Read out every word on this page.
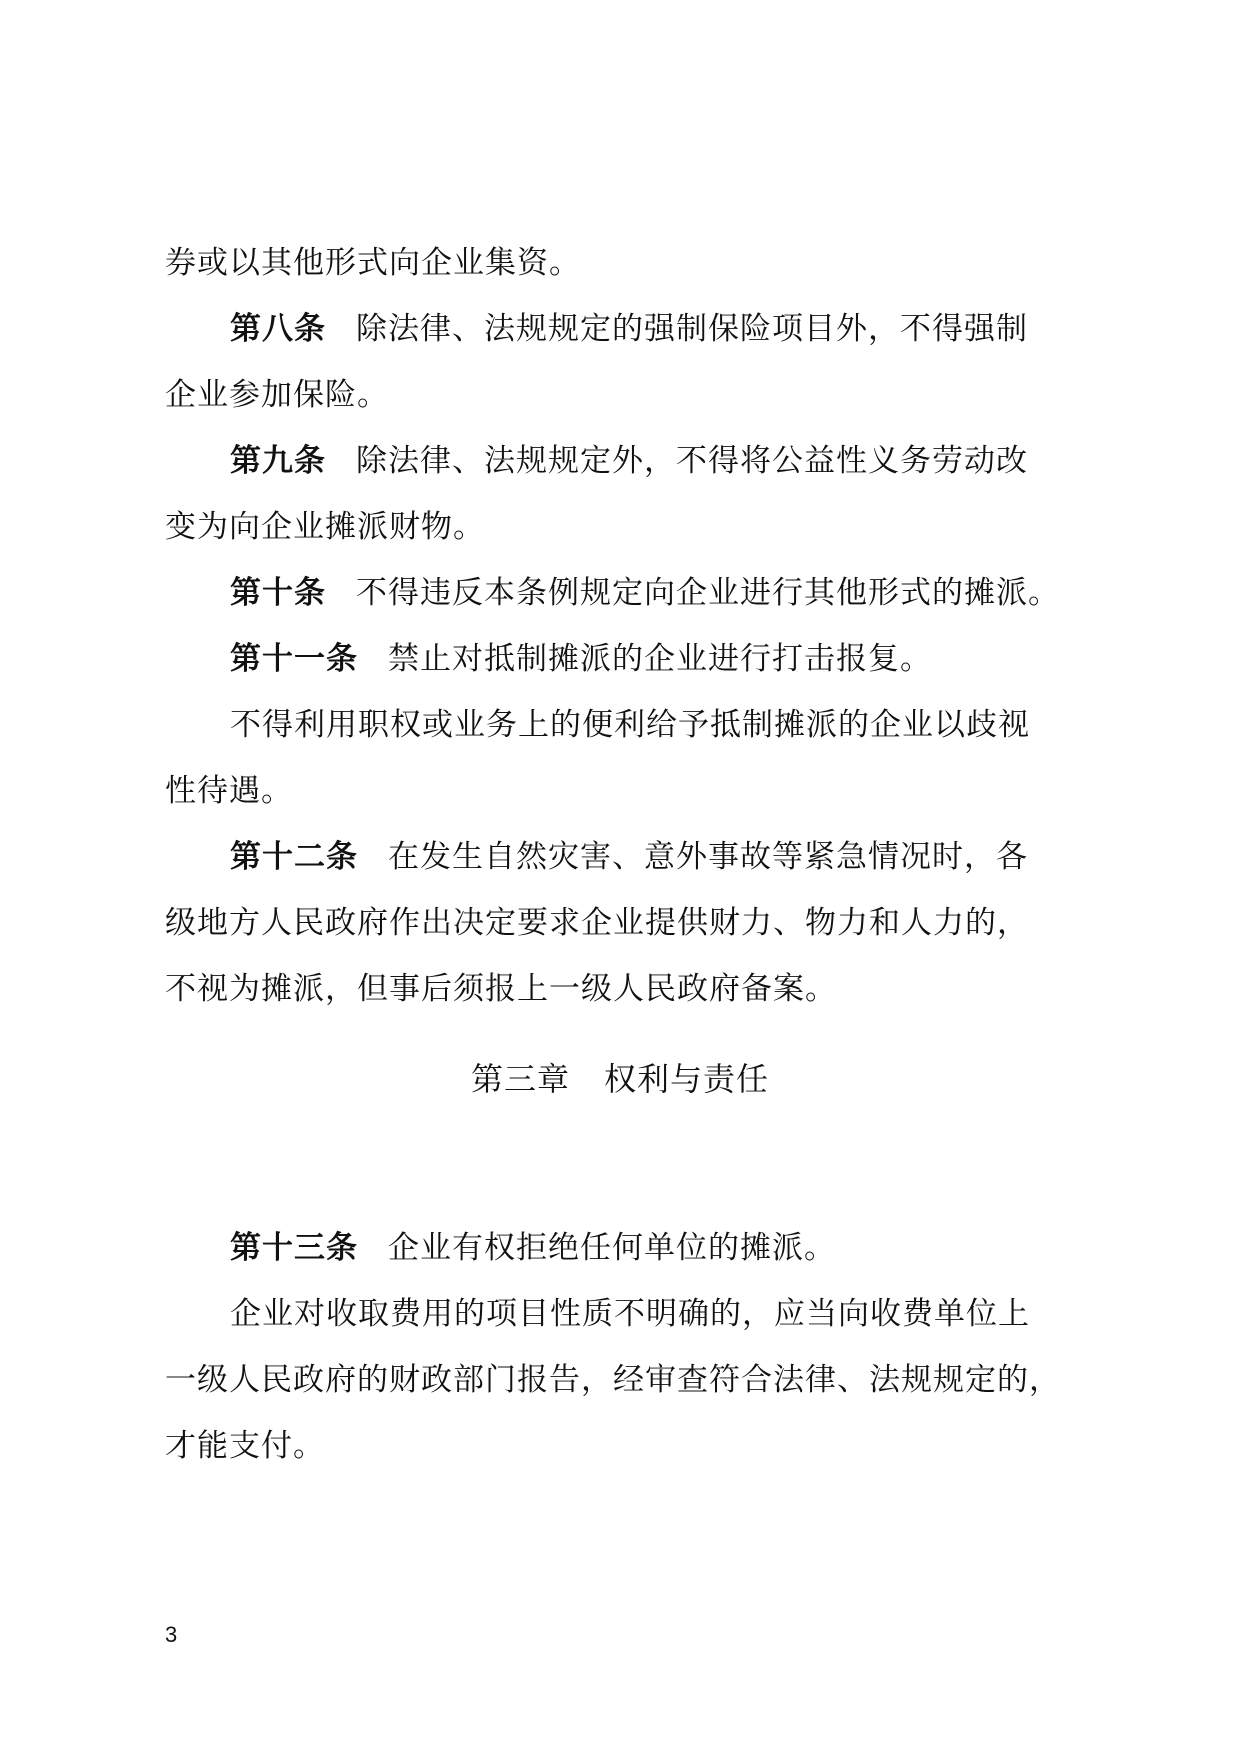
券或以其他形式向企业集资。
第八条 除法律、法规规定的强制保险项目外，不得强制
企业参加保险。
第九条 除法律、法规规定外，不得将公益性义务劳动改
变为向企业摊派财物。
第十条 不得违反本条例规定向企业进行其他形式的摊派。
第十一条 禁止对抵制摊派的企业进行打击报复。
不得利用职权或业务上的便利给予抵制摊派的企业以歧视
性待遇。
第十二条 在发生自然灾害、意外事故等紧急情况时，各
级地方人民政府作出决定要求企业提供财力、物力和人力的，
不视为摊派，但事后须报上一级人民政府备案。
第三章 权利与责任
第十三条 企业有权拒绝任何单位的摊派。
企业对收取费用的项目性质不明确的，应当向收费单位上
一级人民政府的财政部门报告，经审查符合法律、法规规定的，
才能支付。
3
